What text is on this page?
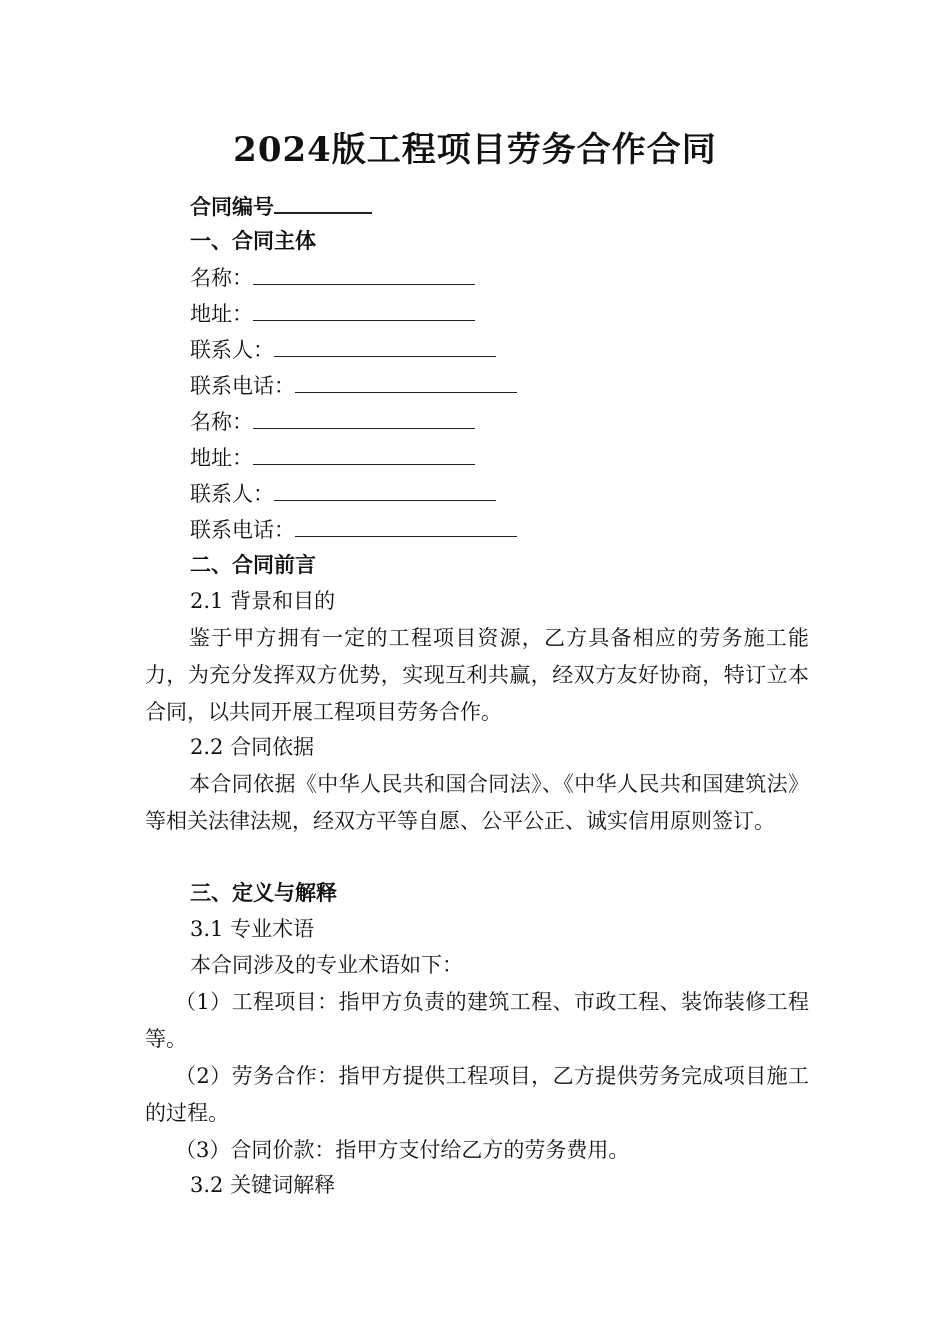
2024版工程项目劳务合作合同
合同编号
一、合同主体
名称：
地址：
联系人：
联系电话：
名称：
地址：
联系人：
联系电话：
二、合同前言
2.1 背景和目的
鉴于甲方拥有一定的工程项目资源，乙方具备相应的劳务施工能力，为充分发挥双方优势，实现互利共赢，经双方友好协商，特订立本合同，以共同开展工程项目劳务合作。
2.2 合同依据
本合同依据《中华人民共和国合同法》、《中华人民共和国建筑法》等相关法律法规，经双方平等自愿、公平公正、诚实信用原则签订。
三、定义与解释
3.1 专业术语
本合同涉及的专业术语如下：
（1）工程项目：指甲方负责的建筑工程、市政工程、装饰装修工程等。
（2）劳务合作：指甲方提供工程项目，乙方提供劳务完成项目施工的过程。
（3）合同价款：指甲方支付给乙方的劳务费用。
3.2 关键词解释
